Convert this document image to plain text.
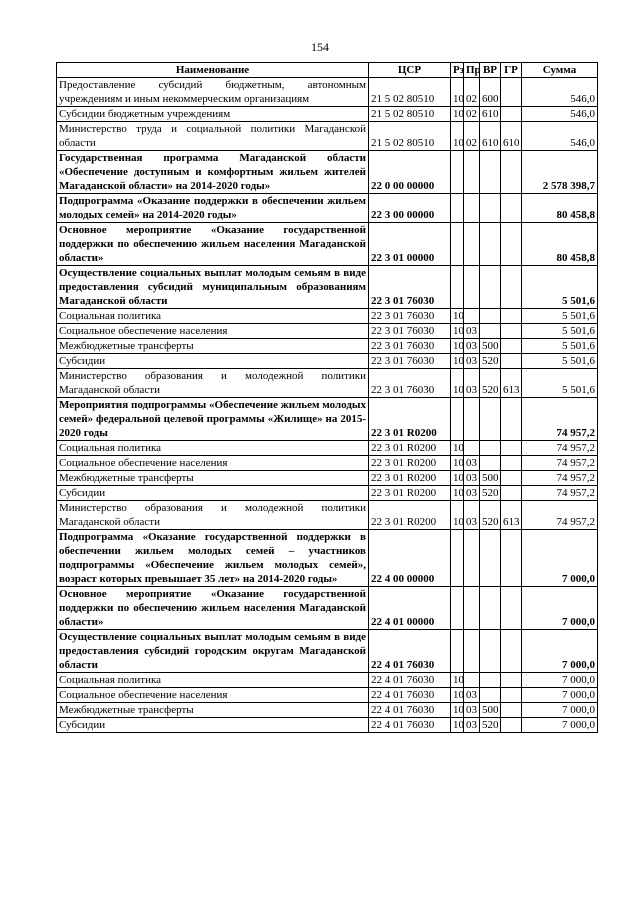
154
Наименование	ЦСР	Рз	Пр	ВР	ГР	Сумма
Предоставление субсидий бюджетным, автономным учреждениям и иным некоммерческим организациям	21 5 02 80510	10	02	600		546,0
Субсидии бюджетным учреждениям	21 5 02 80510	10	02	610		546,0
Министерство труда и социальной политики Магаданской области	21 5 02 80510	10	02	610	610	546,0
Государственная программа Магаданской области «Обеспечение доступным и комфортным жильем жителей Магаданской области» на 2014-2020 годы»	22 0 00 00000					2 578 398,7
Подпрограмма «Оказание поддержки в обеспечении жильем молодых семей» на 2014-2020 годы»	22 3 00 00000					80 458,8
Основное мероприятие «Оказание государственной поддержки по обеспечению жильем населения Магаданской области»	22 3 01 00000					80 458,8
Осуществление социальных выплат молодым семьям в виде предоставления субсидий муниципальным образованиям Магаданской области	22 3 01 76030					5 501,6
Социальная политика	22 3 01 76030	10				5 501,6
Социальное обеспечение населения	22 3 01 76030	10	03			5 501,6
Межбюджетные трансферты	22 3 01 76030	10	03	500		5 501,6
Субсидии	22 3 01 76030	10	03	520		5 501,6
Министерство образования и молодежной политики Магаданской области	22 3 01 76030	10	03	520	613	5 501,6
Мероприятия подпрограммы «Обеспечение жильем молодых семей» федеральной целевой программы «Жилище» на 2015-2020 годы	22 3 01 R0200					74 957,2
Социальная политика	22 3 01 R0200	10				74 957,2
Социальное обеспечение населения	22 3 01 R0200	10	03			74 957,2
Межбюджетные трансферты	22 3 01 R0200	10	03	500		74 957,2
Субсидии	22 3 01 R0200	10	03	520		74 957,2
Министерство образования и молодежной политики Магаданской области	22 3 01 R0200	10	03	520	613	74 957,2
Подпрограмма «Оказание государственной поддержки в обеспечении жильем молодых семей – участников подпрограммы «Обеспечение жильем молодых семей», возраст которых превышает 35 лет» на 2014-2020 годы»	22 4 00 00000					7 000,0
Основное мероприятие «Оказание государственной поддержки по обеспечению жильем населения Магаданской области»	22 4 01 00000					7 000,0
Осуществление социальных выплат молодым семьям в виде предоставления субсидий городским округам Магаданской области	22 4 01 76030					7 000,0
Социальная политика	22 4 01 76030	10				7 000,0
Социальное обеспечение населения	22 4 01 76030	10	03			7 000,0
Межбюджетные трансферты	22 4 01 76030	10	03	500		7 000,0
Субсидии	22 4 01 76030	10	03	520		7 000,0
